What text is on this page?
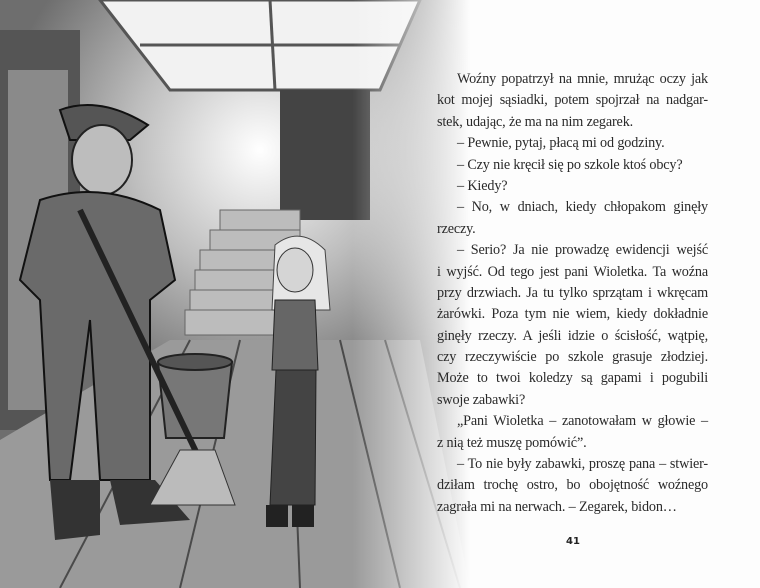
Woźny popatrzył na mnie, mrużąc oczy jak
kot mojej sąsiadki, potem spojrzał na nadgar-
stek, udając, że ma na nim zegarek.
– Pewnie, pytaj, płacą mi od godziny.
– Czy nie kręcił się po szkole ktoś obcy?
– Kiedy?
– No, w dniach, kiedy chłopakom ginęły
rzeczy.
– Serio? Ja nie prowadzę ewidencji wejść
i wyjść. Od tego jest pani Wioletka. Ta woźna
przy drzwiach. Ja tu tylko sprzątam i wkręcam
żarówki. Poza tym nie wiem, kiedy dokładnie
ginęły rzeczy. A jeśli idzie o ścisłość, wątpię,
czy rzeczywiście po szkole grasuje złodziej.
Może to twoi koledzy są gapami i pogubili
swoje zabawki?
„Pani Wioletka – zanotowałam w głowie –
z nią też muszę pomówić”.
– To nie były zabawki, proszę pana – stwier-
dziłam trochę ostro, bo obojętność woźnego
zagrała mi na nerwach. – Zegarek, bidon…
41
